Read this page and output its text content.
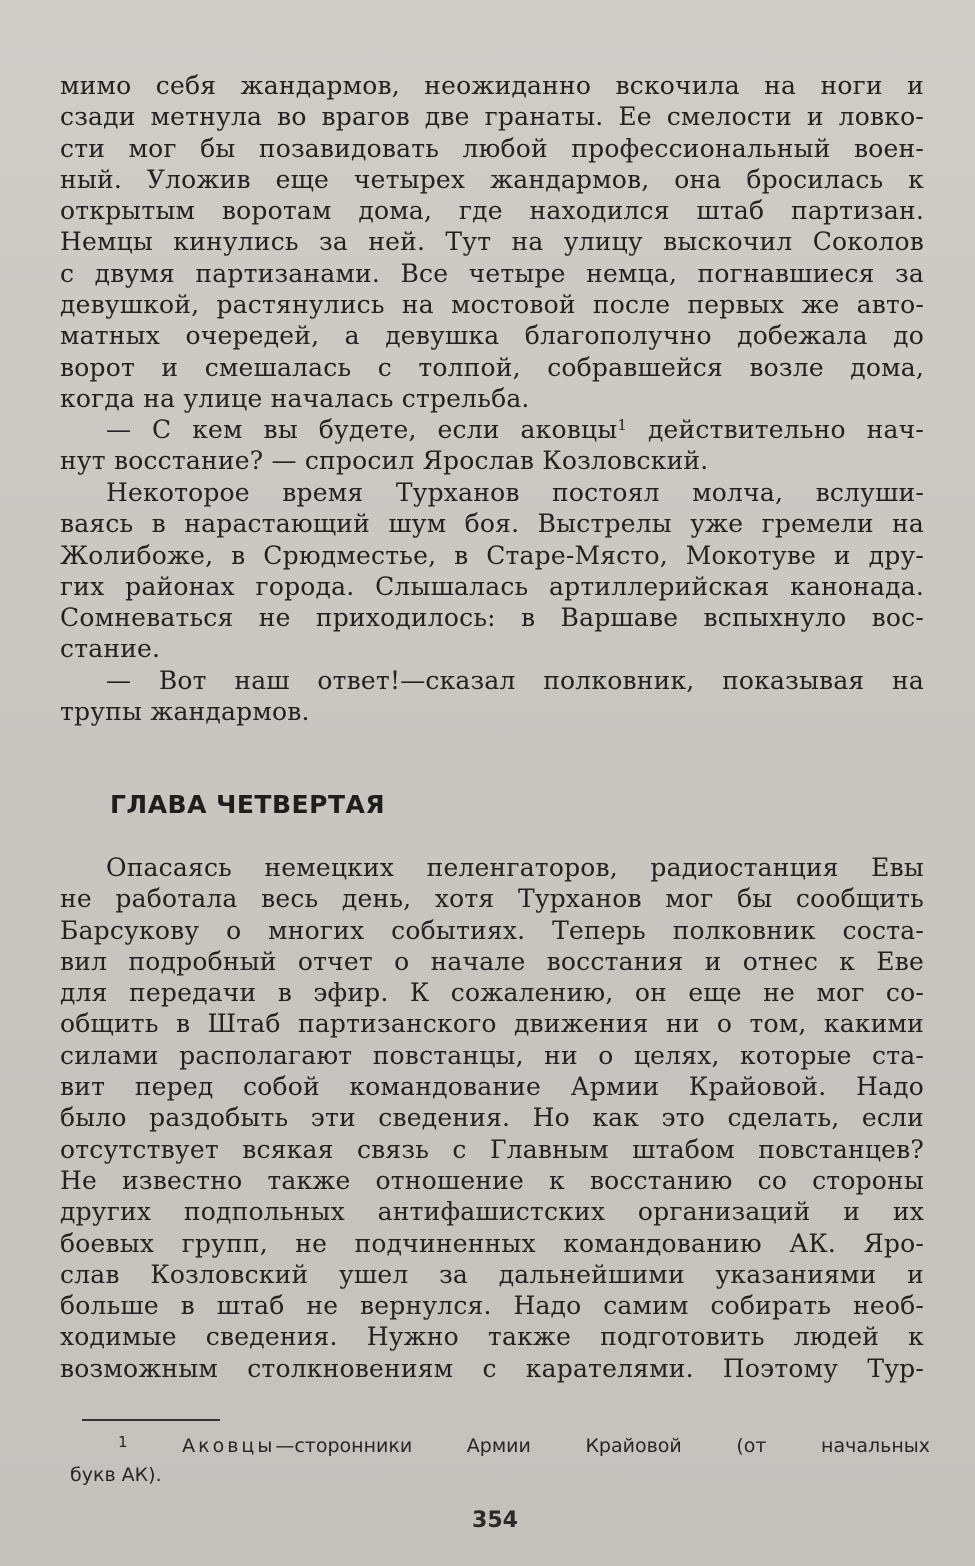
мимо себя жандармов, неожиданно вскочила на ноги и
сзади метнула во врагов две гранаты. Ее смелости и ловко-
сти мог бы позавидовать любой профессиональный воен-
ный. Уложив еще четырех жандармов, она бросилась к
открытым воротам дома, где находился штаб партизан.
Немцы кинулись за ней. Тут на улицу выскочил Соколов
с двумя партизанами. Все четыре немца, погнавшиеся за
девушкой, растянулись на мостовой после первых же авто-
матных очередей, а девушка благополучно добежала до
ворот и смешалась с толпой, собравшейся возле дома,
когда на улице началась стрельба.
— С кем вы будете, если аковцы$^1$ действительно нач-
нут восстание? — спросил Ярослав Козловский.
Некоторое время Турханов постоял молча, вслуши-
ваясь в нарастающий шум боя. Выстрелы уже гремели на
Жолибоже, в Срюдместье, в Старе-Място, Мокотуве и дру-
гих районах города. Слышалась артиллерийская канонада.
Сомневаться не приходилось: в Варшаве вспыхнуло вос-
стание.
— Вот наш ответ!—сказал полковник, показывая на
трупы жандармов.
ГЛАВА ЧЕТВЕРТАЯ
Опасаясь немецких пеленгаторов, радиостанция Евы
не работала весь день, хотя Турханов мог бы сообщить
Барсукову о многих событиях. Теперь полковник соста-
вил подробный отчет о начале восстания и отнес к Еве
для передачи в эфир. К сожалению, он еще не мог со-
общить в Штаб партизанского движения ни о том, какими
силами располагают повстанцы, ни о целях, которые ста-
вит перед собой командование Армии Крайовой. Надо
было раздобыть эти сведения. Но как это сделать, если
отсутствует всякая связь с Главным штабом повстанцев?
Не известно также отношение к восстанию со стороны
других подпольных антифашистских организаций и их
боевых групп, не подчиненных командованию АК. Яро-
слав Козловский ушел за дальнейшими указаниями и
больше в штаб не вернулся. Надо самим собирать необ-
ходимые сведения. Нужно также подготовить людей к
возможным столкновениям с карателями. Поэтому Тур-
$^1$	Аковцы—сторонники Армии Крайовой (от начальных
букв АК).
354
